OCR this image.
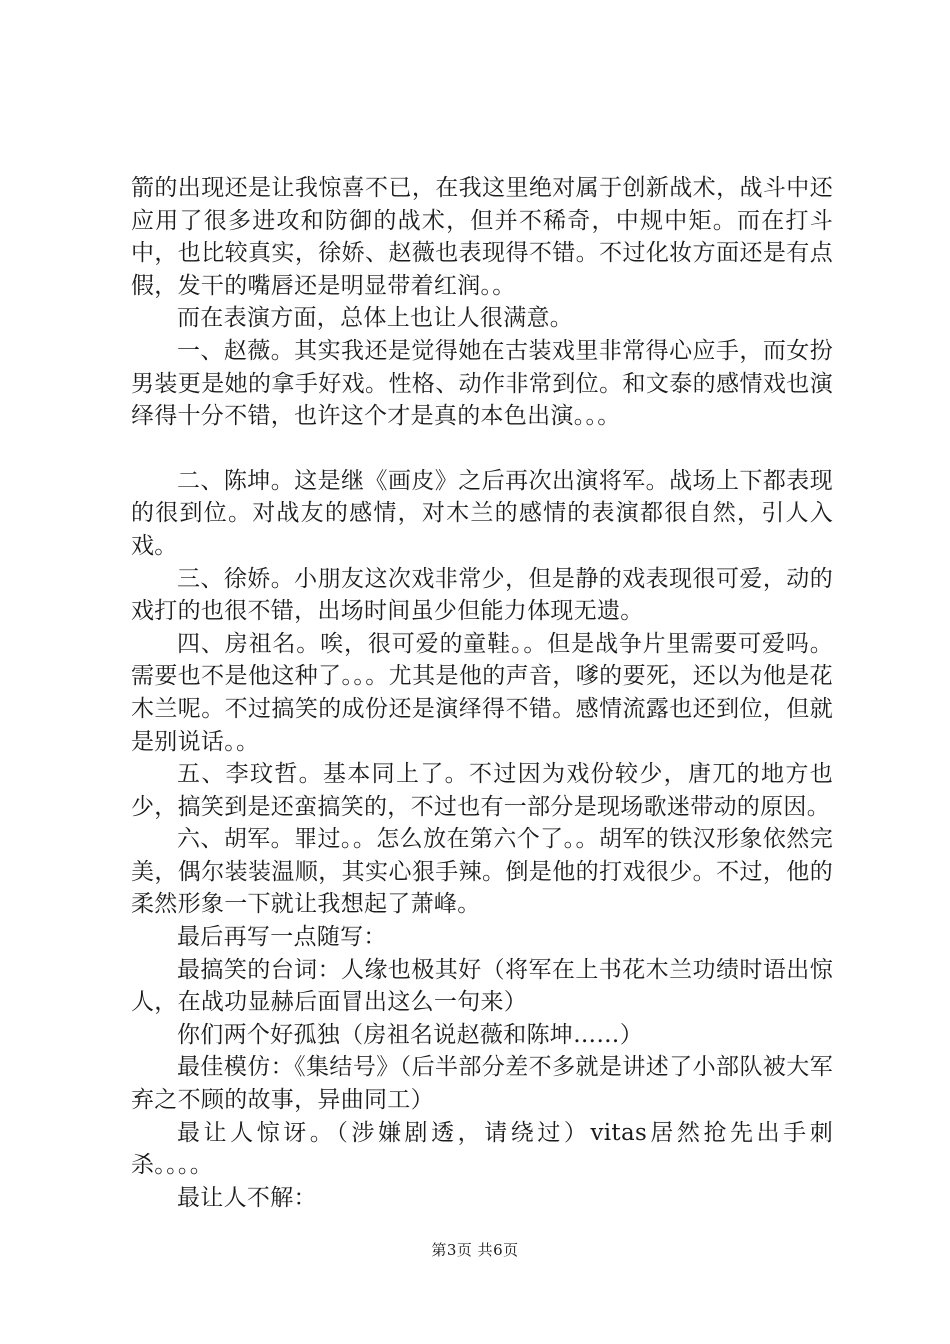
箭的出现还是让我惊喜不已，在我这里绝对属于创新战术，战斗中还应用了很多进攻和防御的战术，但并不稀奇，中规中矩。而在打斗中，也比较真实，徐娇、赵薇也表现得不错。不过化妆方面还是有点假，发干的嘴唇还是明显带着红润。。

而在表演方面，总体上也让人很满意。

一、赵薇。其实我还是觉得她在古装戏里非常得心应手，而女扮男装更是她的拿手好戏。性格、动作非常到位。和文泰的感情戏也演绎得十分不错，也许这个才是真的本色出演。。。

二、陈坤。这是继《画皮》之后再次出演将军。战场上下都表现的很到位。对战友的感情，对木兰的感情的表演都很自然，引人入戏。

三、徐娇。小朋友这次戏非常少，但是静的戏表现很可爱，动的戏打的也很不错，出场时间虽少但能力体现无遗。

四、房祖名。唉，很可爱的童鞋。。但是战争片里需要可爱吗。需要也不是他这种了。。。尤其是他的声音，嗲的要死，还以为他是花木兰呢。不过搞笑的成份还是演绎得不错。感情流露也还到位，但就是别说话。。

五、李玟哲。基本同上了。不过因为戏份较少，唐兀的地方也少，搞笑到是还蛮搞笑的，不过也有一部分是现场歌迷带动的原因。

六、胡军。罪过。。怎么放在第六个了。。胡军的铁汉形象依然完美，偶尔装装温顺，其实心狠手辣。倒是他的打戏很少。不过，他的柔然形象一下就让我想起了萧峰。

最后再写一点随写：

最搞笑的台词：人缘也极其好（将军在上书花木兰功绩时语出惊人，在战功显赫后面冒出这么一句来）

你们两个好孤独（房祖名说赵薇和陈坤……）

最佳模仿：《集结号》（后半部分差不多就是讲述了小部队被大军弃之不顾的故事，异曲同工）

最让人惊讶。（涉嫌剧透，请绕过）vitas居然抢先出手刺杀。。。。

最让人不解：

第3页 共6页
